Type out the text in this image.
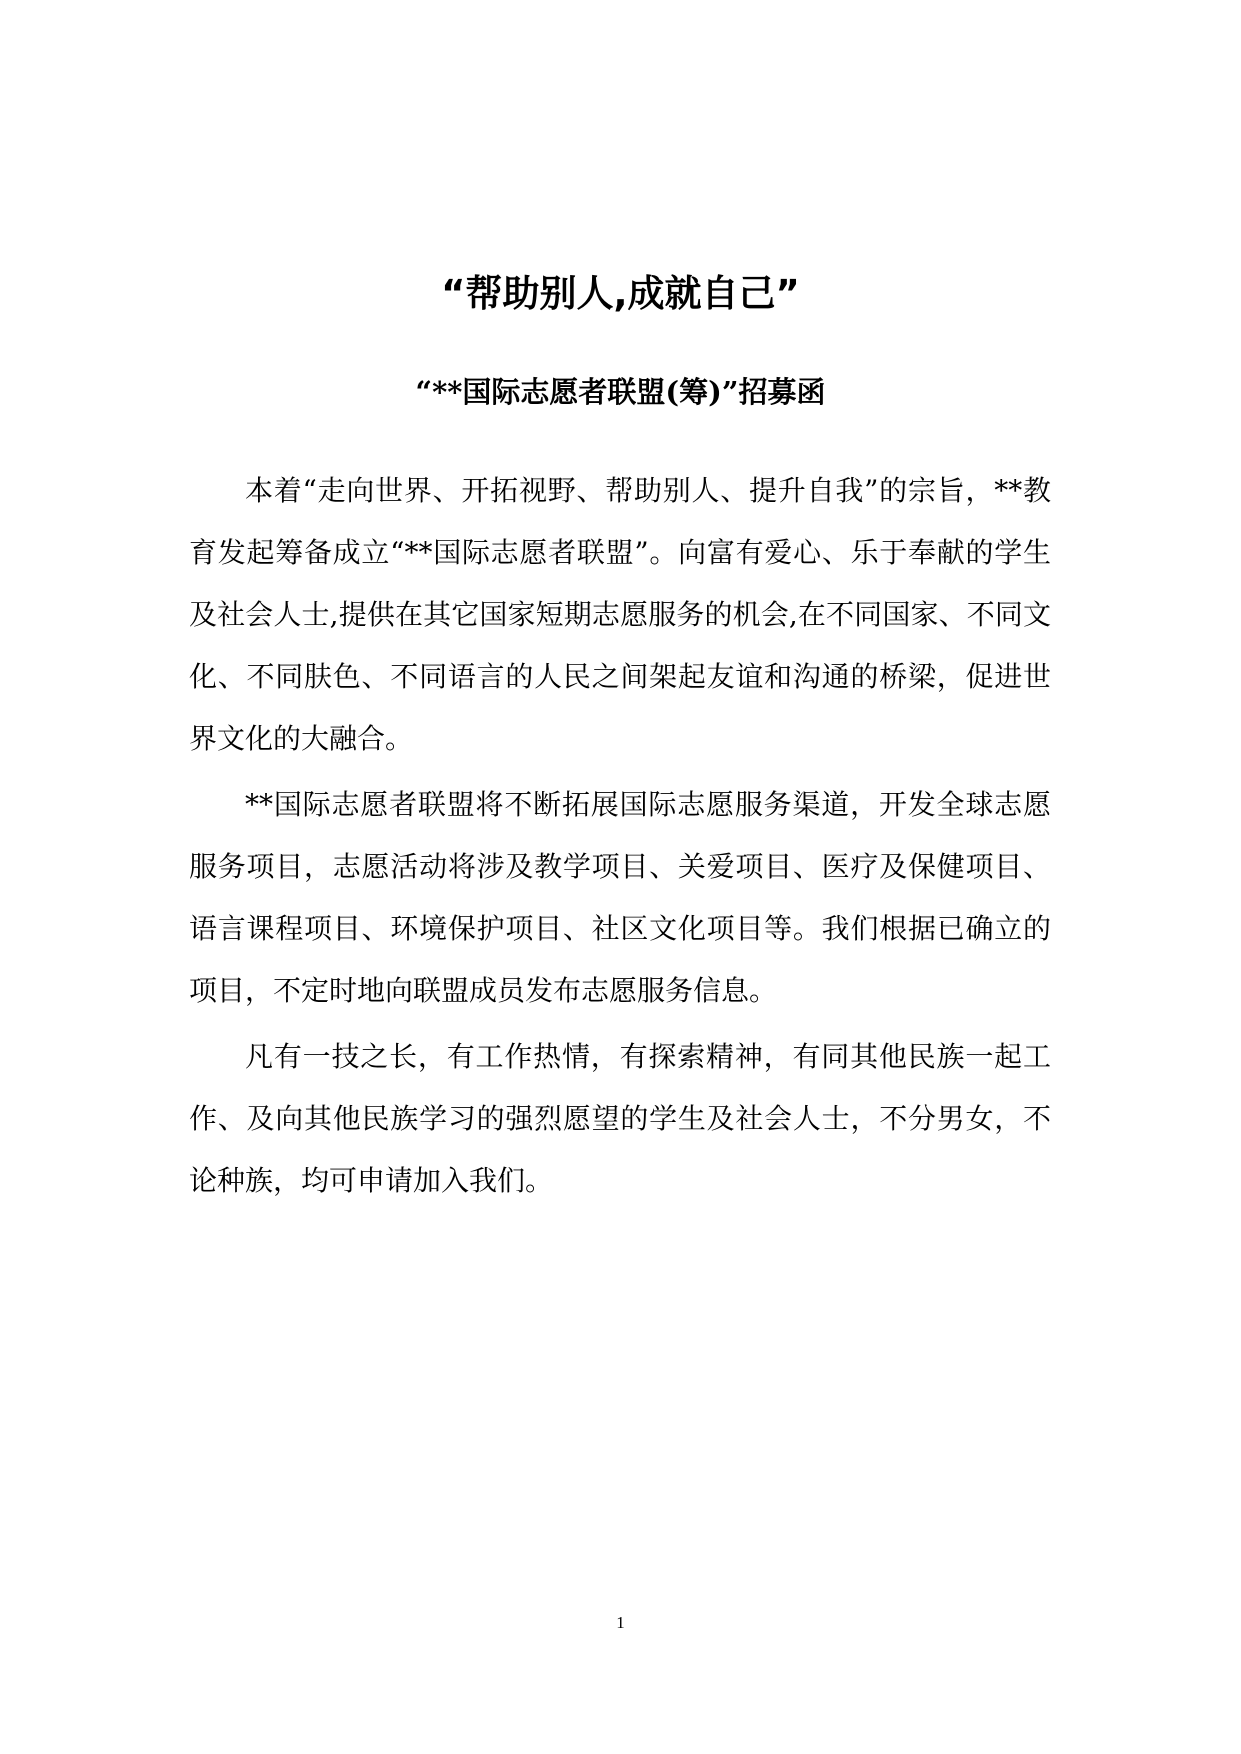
“帮助别人,成就自己”
“**国际志愿者联盟(筹)”招募函

本着“走向世界、开拓视野、帮助别人、提升自我”的宗旨，**教育发起筹备成立“**国际志愿者联盟”。向富有爱心、乐于奉献的学生及社会人士,提供在其它国家短期志愿服务的机会,在不同国家、不同文化、不同肤色、不同语言的人民之间架起友谊和沟通的桥梁，促进世界文化的大融合。

**国际志愿者联盟将不断拓展国际志愿服务渠道，开发全球志愿服务项目，志愿活动将涉及教学项目、关爱项目、医疗及保健项目、语言课程项目、环境保护项目、社区文化项目等。我们根据已确立的项目，不定时地向联盟成员发布志愿服务信息。

凡有一技之长，有工作热情，有探索精神，有同其他民族一起工作、及向其他民族学习的强烈愿望的学生及社会人士，不分男女，不论种族，均可申请加入我们。

1
